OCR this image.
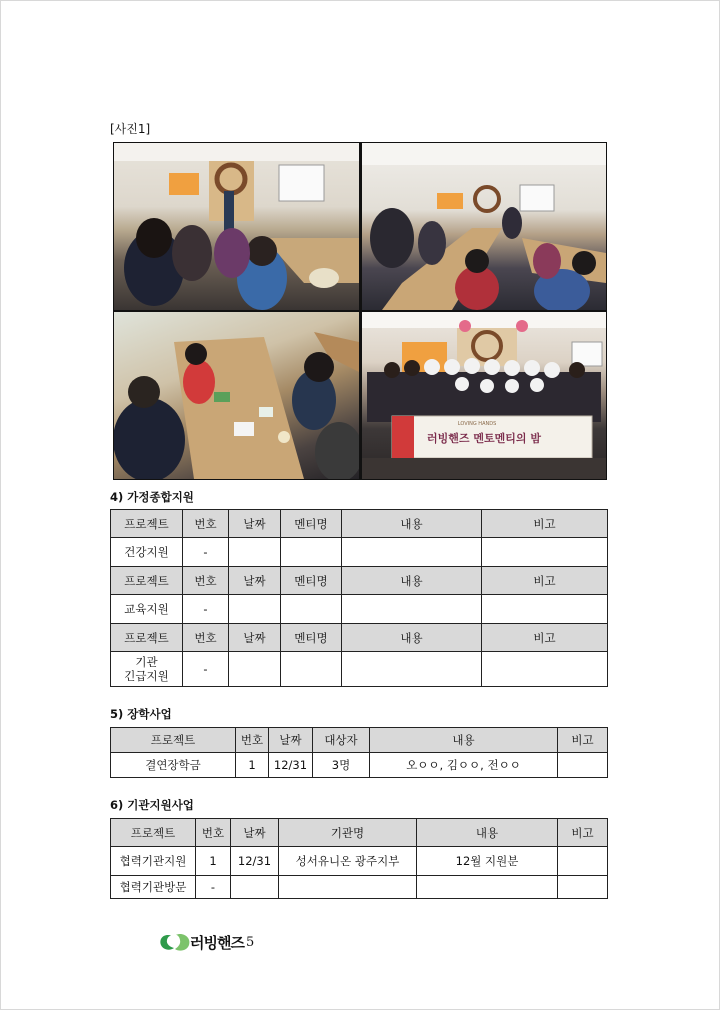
[사진1]
러빙핸즈 멘토멘티의 밤
LOVING HANDS
4) 가정종합지원
프로젝트	번호	날짜	멘티명	내용	비고
건강지원	-				
프로젝트	번호	날짜	멘티명	내용	비고
교육지원	-				
프로젝트	번호	날짜	멘티명	내용	비고
기관
긴급지원	-				
5) 장학사업
프로젝트	번호	날짜	대상자	내용	비고
결연장학금	1	12/31	3명	오ㅇㅇ, 김ㅇㅇ, 전ㅇㅇ	
6) 기관지원사업
프로젝트	번호	날짜	기관명	내용	비고
협력기관지원	1	12/31	성서유니온 광주지부	12월 지원분	
협력기관방문	-				
러빙핸즈 5
